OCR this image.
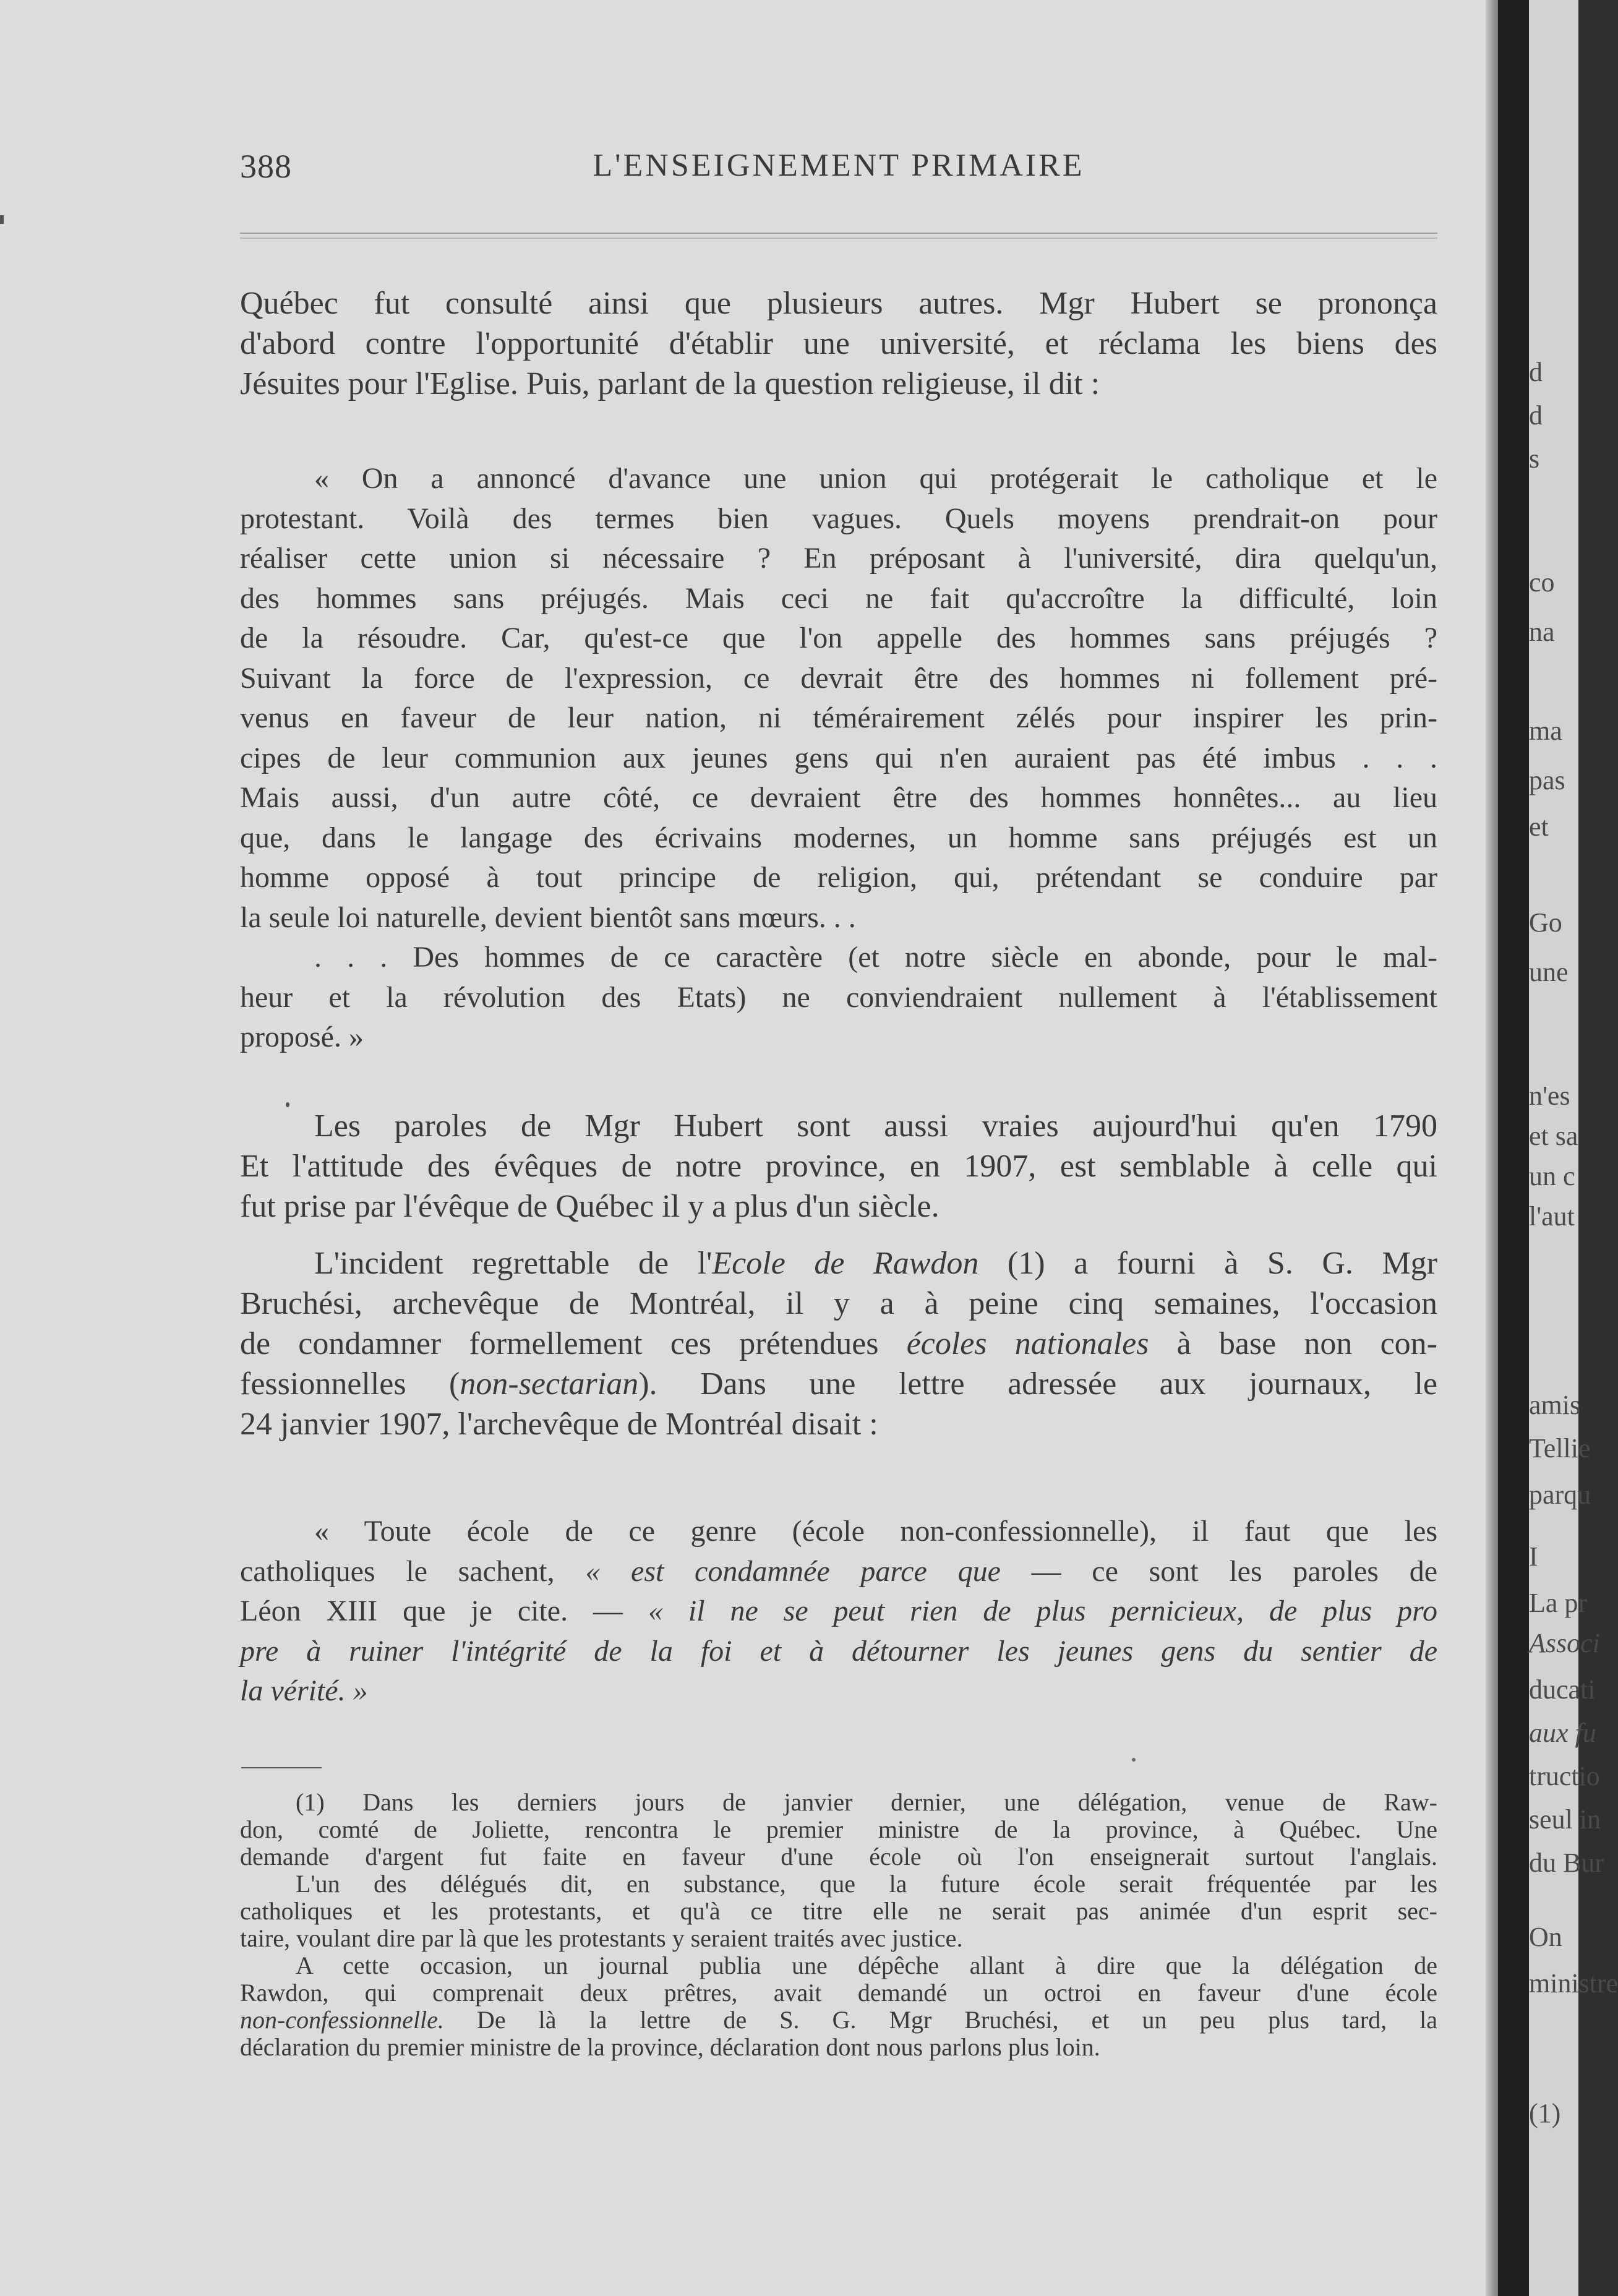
388	L'ENSEIGNEMENT PRIMAIRE
Québec fut consulté ainsi que plusieurs autres. Mgr Hubert se prononça
d'abord contre l'opportunité d'établir une université, et réclama les biens des
Jésuites pour l'Eglise. Puis, parlant de la question religieuse, il dit :
« On a annoncé d'avance une union qui protégerait le catholique et le
protestant. Voilà des termes bien vagues. Quels moyens prendrait-on pour
réaliser cette union si nécessaire ? En préposant à l'université, dira quelqu'un,
des hommes sans préjugés. Mais ceci ne fait qu'accroître la difficulté, loin
de la résoudre. Car, qu'est-ce que l'on appelle des hommes sans préjugés ?
Suivant la force de l'expression, ce devrait être des hommes ni follement pré-
venus en faveur de leur nation, ni témérairement zélés pour inspirer les prin-
cipes de leur communion aux jeunes gens qui n'en auraient pas été imbus . . .
Mais aussi, d'un autre côté, ce devraient être des hommes honnêtes... au lieu
que, dans le langage des écrivains modernes, un homme sans préjugés est un
homme opposé à tout principe de religion, qui, prétendant se conduire par
la seule loi naturelle, devient bientôt sans mœurs. . .
. . . Des hommes de ce caractère (et notre siècle en abonde, pour le mal-
heur et la révolution des Etats) ne conviendraient nullement à l'établissement
proposé. »
Les paroles de Mgr Hubert sont aussi vraies aujourd'hui qu'en 1790
Et l'attitude des évêques de notre province, en 1907, est semblable à celle qui
fut prise par l'évêque de Québec il y a plus d'un siècle.
L'incident regrettable de l'Ecole de Rawdon (1) a fourni à S. G. Mgr
Bruchési, archevêque de Montréal, il y a à peine cinq semaines, l'occasion
de condamner formellement ces prétendues écoles nationales à base non con-
fessionnelles (non-sectarian). Dans une lettre adressée aux journaux, le
24 janvier 1907, l'archevêque de Montréal disait :
« Toute école de ce genre (école non-confessionnelle), il faut que les
catholiques le sachent, « est condamnée parce que — ce sont les paroles de
Léon XIII que je cite. — « il ne se peut rien de plus pernicieux, de plus pro
pre à ruiner l'intégrité de la foi et à détourner les jeunes gens du sentier de
la vérité. »
(1) Dans les derniers jours de janvier dernier, une délégation, venue de Raw-
don, comté de Joliette, rencontra le premier ministre de la province, à Québec. Une
demande d'argent fut faite en faveur d'une école où l'on enseignerait surtout l'anglais.
L'un des délégués dit, en substance, que la future école serait fréquentée par les
catholiques et les protestants, et qu'à ce titre elle ne serait pas animée d'un esprit sec-
taire, voulant dire par là que les protestants y seraient traités avec justice.
A cette occasion, un journal publia une dépêche allant à dire que la délégation de
Rawdon, qui comprenait deux prêtres, avait demandé un octroi en faveur d'une école
non-confessionnelle. De là la lettre de S. G. Mgr Bruchési, et un peu plus tard, la
déclaration du premier ministre de la province, déclaration dont nous parlons plus loin.
d
d
s
co
na
ma
pas
et
Go
une
n'es
et sa
un c
l'aut
amis
Tellie
parqu
I
La pr
Associ
ducati
aux fu
tructio
seul in
du Bur
On
ministre
(1)
